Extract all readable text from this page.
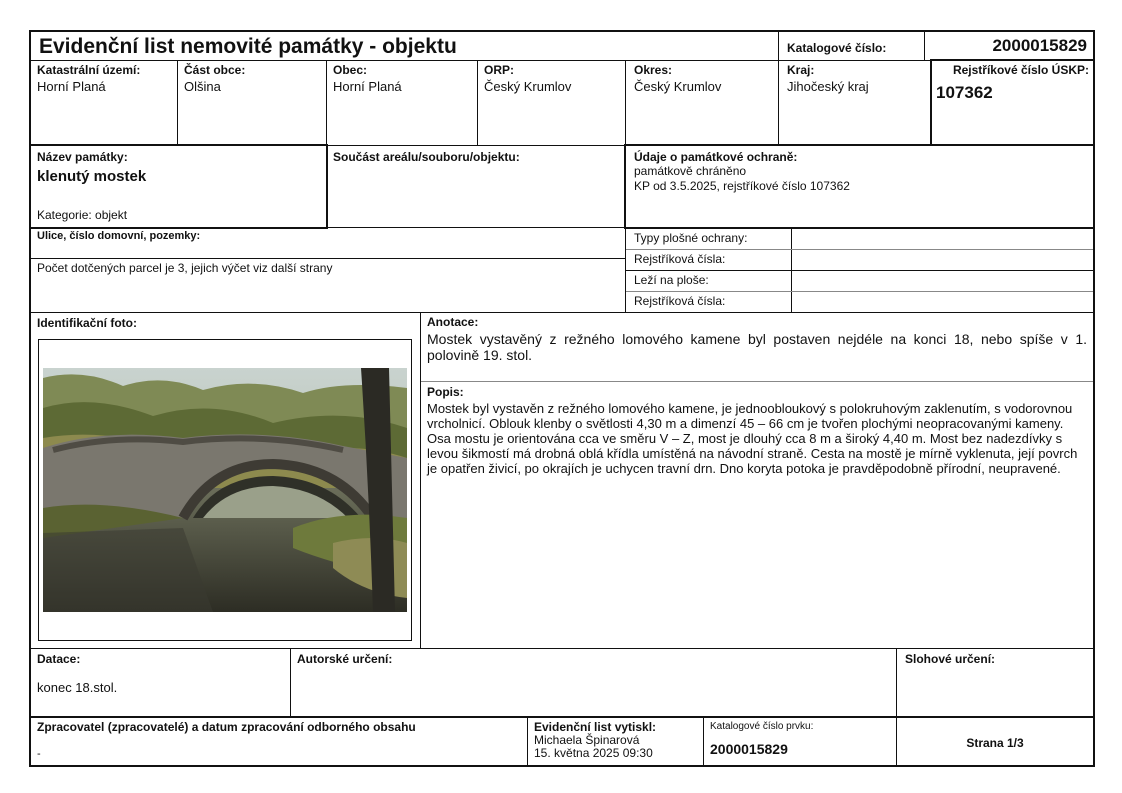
Evidenční list nemovité památky - objektu	Katalogové číslo:	2000015829
Katastrální území:
Horní Planá
Část obce:
Olšina
Obec:
Horní Planá
ORP:
Český Krumlov
Okres:
Český Krumlov
Kraj:
Jihočeský kraj
Rejstříkové číslo ÚSKP:
107362
Název památky:
klenutý mostek
Kategorie: objekt
Součást areálu/souboru/objektu:	Údaje o památkové ochraně:
památkově chráněno
KP od 3.5.2025, rejstříkové číslo 107362
Ulice, číslo domovní, pozemky:
Počet dotčených parcel je 3, jejich výčet viz další strany
Typy plošné ochrany:
Rejstříková čísla:
Leží na ploše:
Rejstříková čísla:
Identifikační foto:	Anotace:
Mostek vystavěný z režného lomového kamene byl postaven nejdéle na konci 18, nebo spíše v 1. polovině 19. stol.
Popis:
Mostek byl vystavěn z režného lomového kamene, je jednoobloukový s polokruhovým zaklenutím, s vodorovnou vrcholnicí. Oblouk klenby o světlosti 4,30 m a dimenzí 45 – 66 cm je tvořen plochými neopracovanými kameny. Osa mostu je orientována cca ve směru V – Z, most je dlouhý cca 8 m a široký 4,40 m. Most bez nadezdívky s levou šikmostí má drobná oblá křídla umístěná na návodní straně. Cesta na mostě je mírně vyklenuta, její povrch je opatřen živicí, po okrajích je uchycen travní drn. Dno koryta potoka je pravděpodobně přírodní, neupravené.
Datace:
konec 18.stol.
Autorské určení:	Slohové určení:
Zpracovatel (zpracovatelé) a datum zpracování odborného obsahu
-
Evidenční list vytiskl:
Michaela Špinarová
15. května 2025 09:30
Katalogové číslo prvku:
2000015829	Strana 1/3
